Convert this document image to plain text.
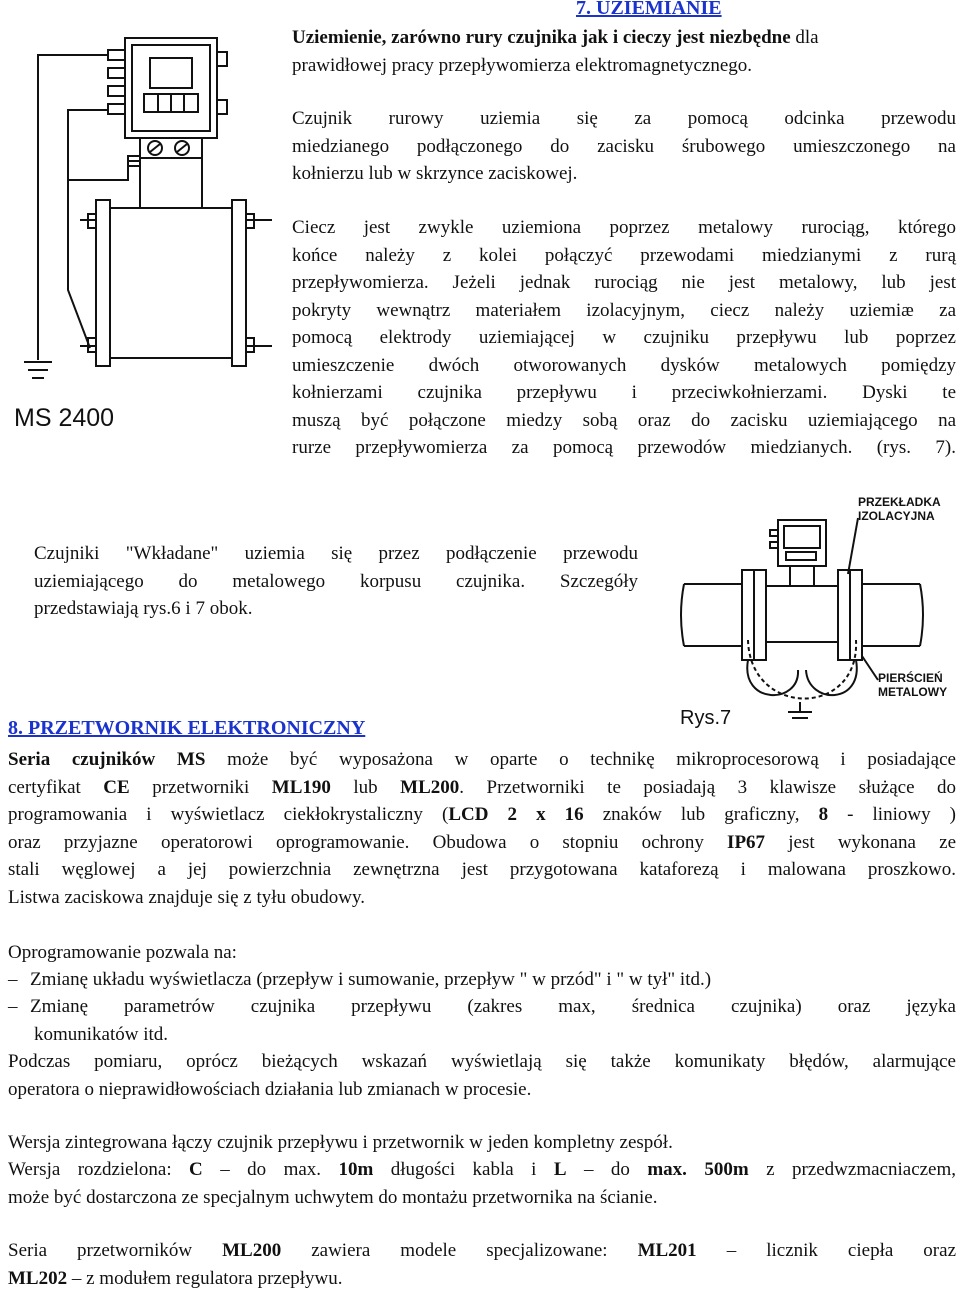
7. UZIEMIANIE
MS 2400
Uziemienie, zarówno rury czujnika jak i cieczy jest niezbędne dla
prawidłowej pracy przepływomierza elektromagnetycznego.
Czujnik rurowy uziemia się za pomocą odcinka przewodu
miedzianego podłączonego do zacisku śrubowego umieszczonego na
kołnierzu lub w skrzynce zaciskowej.
Ciecz jest zwykle uziemiona poprzez metalowy rurociąg, którego
końce należy z kolei połączyć przewodami miedzianymi z rurą
przepływomierza. Jeżeli jednak rurociąg nie jest metalowy, lub jest
pokryty wewnątrz materiałem izolacyjnym, ciecz należy uziemiæ za
pomocą elektrody uziemiającej w czujniku przepływu lub poprzez
umieszczenie dwóch otworowanych dysków metalowych pomiędzy
kołnierzami czujnika przepływu i przeciwkołnierzami. Dyski te
muszą być połączone miedzy sobą oraz do zacisku uziemiającego na
rurze przepływomierza za pomocą przewodów miedzianych. (rys. 7).
Czujniki "Wkładane" uziemia się przez podłączenie przewodu
uziemiającego do metalowego korpusu czujnika. Szczegóły
przedstawiają rys.6 i 7 obok.
PRZEKŁADKA
IZOLACYJNA
PIERŚCIEŃ
METALOWY
Rys.7
8. PRZETWORNIK ELEKTRONICZNY
Seria czujników MS może być wyposażona w oparte o technikę mikroprocesorową i posiadające
certyfikat CE przetworniki ML190 lub ML200. Przetworniki te posiadają 3 klawisze służące do
programowania i wyświetlacz ciekłokrystaliczny (LCD 2 x 16 znaków lub graficzny, 8 - liniowy )
oraz przyjazne operatorowi oprogramowanie. Obudowa o stopniu ochrony IP67 jest wykonana ze
stali węglowej a jej powierzchnia zewnętrzna jest przygotowana kataforezą i malowana proszkowo.
Listwa zaciskowa znajduje się z tyłu obudowy.
Oprogramowanie pozwala na:
– Zmianę układu wyświetlacza (przepływ i sumowanie, przepływ " w przód" i " w tył" itd.)
– Zmianę parametrów czujnika przepływu (zakres max, średnica czujnika) oraz języka
komunikatów itd.
Podczas pomiaru, oprócz bieżących wskazań wyświetlają się także komunikaty błędów, alarmujące
operatora o nieprawidłowościach działania lub zmianach w procesie.
Wersja zintegrowana łączy czujnik przepływu i przetwornik w jeden kompletny zespół.
Wersja rozdzielona: C – do max. 10m długości kabla i L – do max. 500m z przedwzmacniaczem,
może być dostarczona ze specjalnym uchwytem do montażu przetwornika na ścianie.
Seria przetworników ML200 zawiera modele specjalizowane: ML201 – licznik ciepła oraz
ML202 – z modułem regulatora przepływu.
